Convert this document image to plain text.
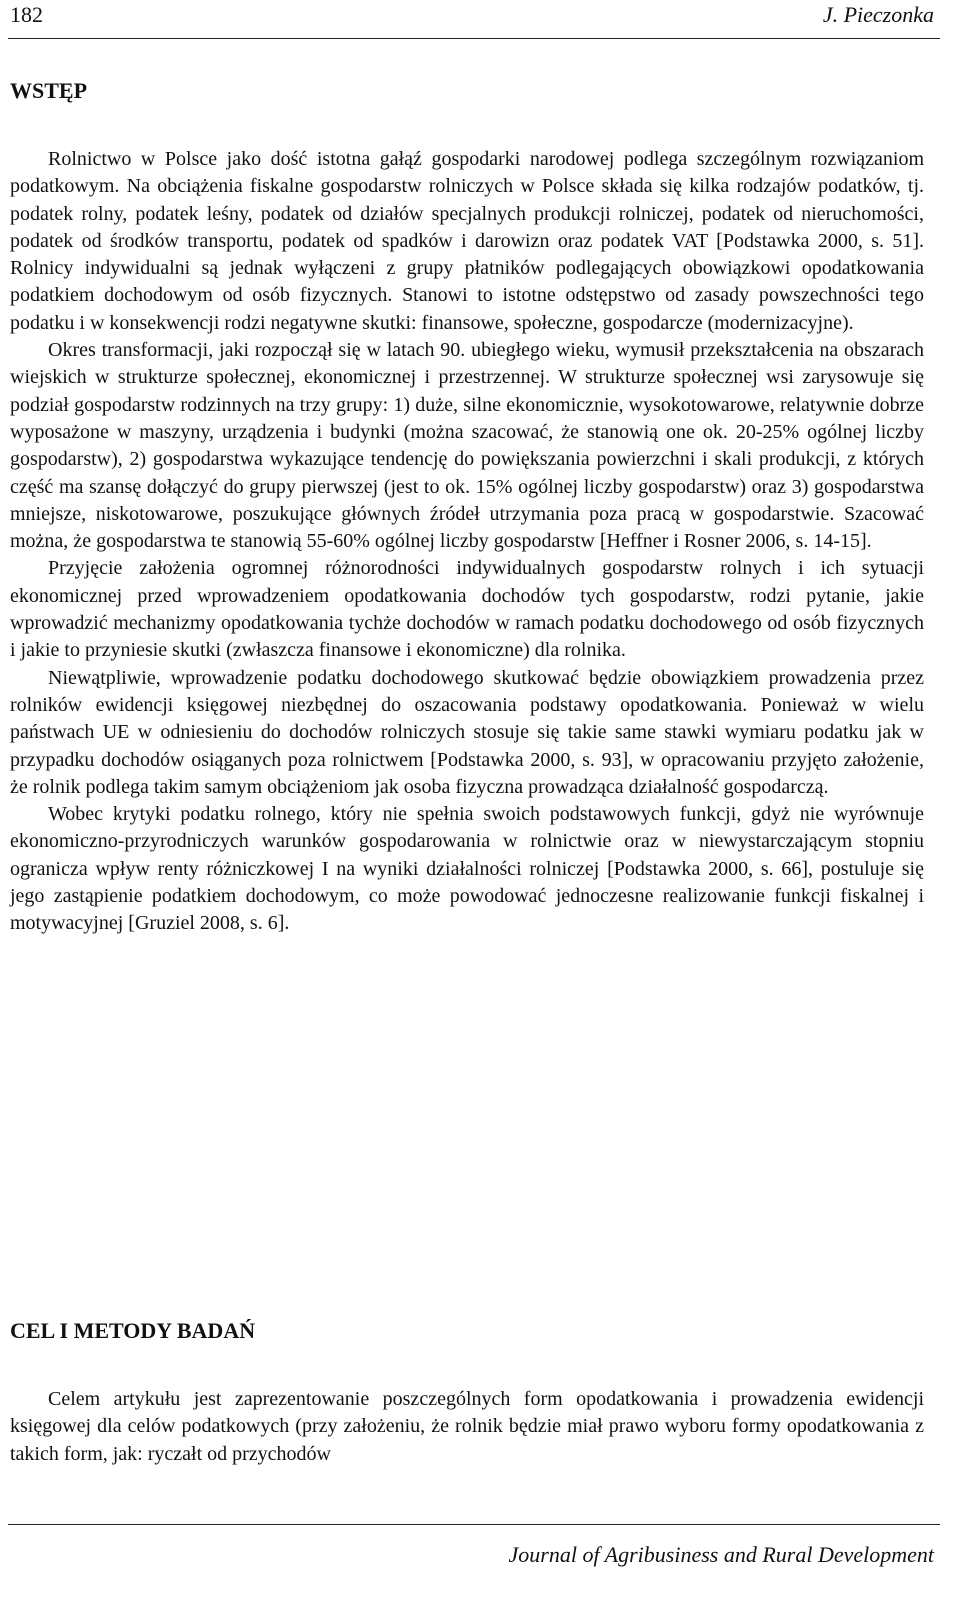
182	J. Pieczonka
WSTĘP

Rolnictwo w Polsce jako dość istotna gałąź gospodarki narodowej podlega szczególnym rozwiązaniom podatkowym. Na obciążenia fiskalne gospodarstw rolniczych w Polsce składa się kilka rodzajów podatków, tj. podatek rolny, podatek leśny, podatek od działów specjalnych produkcji rolniczej, podatek od nieruchomości, podatek od środków transportu, podatek od spadków i darowizn oraz podatek VAT [Podstawka 2000, s. 51]. Rolnicy indywidualni są jednak wyłączeni z grupy płatników podlegających obowiązkowi opodatkowania podatkiem dochodowym od osób fizycznych. Stanowi to istotne odstępstwo od zasady powszechności tego podatku i w konsekwencji rodzi negatywne skutki: finansowe, społeczne, gospodarcze (modernizacyjne).

Okres transformacji, jaki rozpoczął się w latach 90. ubiegłego wieku, wymusił przekształcenia na obszarach wiejskich w strukturze społecznej, ekonomicznej i przestrzennej. W strukturze społecznej wsi zarysowuje się podział gospodarstw rodzinnych na trzy grupy: 1) duże, silne ekonomicznie, wysokotowarowe, relatywnie dobrze wyposażone w maszyny, urządzenia i budynki (można szacować, że stanowią one ok. 20-25% ogólnej liczby gospodarstw), 2) gospodarstwa wykazujące tendencję do powiększania powierzchni i skali produkcji, z których część ma szansę dołączyć do grupy pierwszej (jest to ok. 15% ogólnej liczby gospodarstw) oraz 3) gospodarstwa mniejsze, niskotowarowe, poszukujące głównych źródeł utrzymania poza pracą w gospodarstwie. Szacować można, że gospodarstwa te stanowią 55-60% ogólnej liczby gospodarstw [Heffner i Rosner 2006, s. 14-15].

Przyjęcie założenia ogromnej różnorodności indywidualnych gospodarstw rolnych i ich sytuacji ekonomicznej przed wprowadzeniem opodatkowania dochodów tych gospodarstw, rodzi pytanie, jakie wprowadzić mechanizmy opodatkowania tychże dochodów w ramach podatku dochodowego od osób fizycznych i jakie to przyniesie skutki (zwłaszcza finansowe i ekonomiczne) dla rolnika.

Niewątpliwie, wprowadzenie podatku dochodowego skutkować będzie obowiązkiem prowadzenia przez rolników ewidencji księgowej niezbędnej do oszacowania podstawy opodatkowania. Ponieważ w wielu państwach UE w odniesieniu do dochodów rolniczych stosuje się takie same stawki wymiaru podatku jak w przypadku dochodów osiąganych poza rolnictwem [Podstawka 2000, s. 93], w opracowaniu przyjęto założenie, że rolnik podlega takim samym obciążeniom jak osoba fizyczna prowadząca działalność gospodarczą.

Wobec krytyki podatku rolnego, który nie spełnia swoich podstawowych funkcji, gdyż nie wyrównuje ekonomiczno-przyrodniczych warunków gospodarowania w rolnictwie oraz w niewystarczającym stopniu ogranicza wpływ renty różniczkowej I na wyniki działalności rolniczej [Podstawka 2000, s. 66], postuluje się jego zastąpienie podatkiem dochodowym, co może powodować jednoczesne realizowanie funkcji fiskalnej i motywacyjnej [Gruziel 2008, s. 6].

CEL I METODY BADAŃ

Celem artykułu jest zaprezentowanie poszczególnych form opodatkowania i prowadzenia ewidencji księgowej dla celów podatkowych (przy założeniu, że rolnik będzie miał prawo wyboru formy opodatkowania z takich form, jak: ryczałt od przychodów

Journal of Agribusiness and Rural Development
